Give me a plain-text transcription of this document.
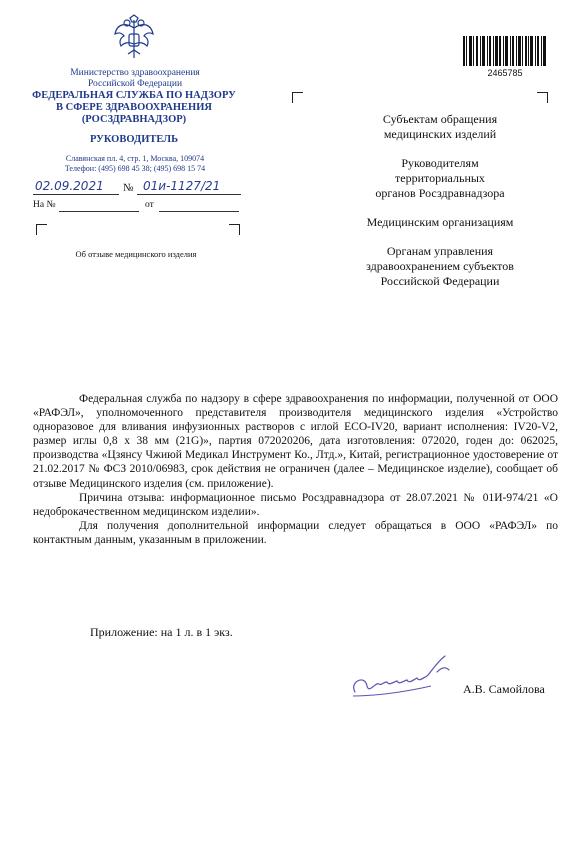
Министерство здравоохранения
Российской Федерации
ФЕДЕРАЛЬНАЯ СЛУЖБА ПО НАДЗОРУ
В СФЕРЕ ЗДРАВООХРАНЕНИЯ
(РОСЗДРАВНАДЗОР)
РУКОВОДИТЕЛЬ
Славянская пл. 4, стр. 1, Москва, 109074
Телефон: (495) 698 45 38; (495) 698 15 74
02.09.2021 № 01и-1127/21
На №	от
Об отзыве медицинского изделия
2465785
Субъектам обращения
медицинских изделий
Руководителям
территориальных
органов Росздравнадзора
Медицинским организациям
Органам управления
здравоохранением субъектов
Российской Федерации

Федеральная служба по надзору в сфере здравоохранения по информации, полученной от ООО «РАФЭЛ», уполномоченного представителя производителя медицинского изделия «Устройство одноразовое для вливания инфузионных растворов с иглой ECO-IV20, вариант исполнения: IV20-V2, размер иглы 0,8 x 38 мм (21G)», партия 072020206, дата изготовления: 072020, годен до: 062025, производства «Цзянсу Чжиюй Медикал Инструмент Ко., Лтд.», Китай, регистрационное удостоверение от 21.02.2017 № ФСЗ 2010/06983, срок действия не ограничен (далее – Медицинское изделие), сообщает об отзыве Медицинского изделия (см. приложение).

Причина отзыва: информационное письмо Росздравнадзора от 28.07.2021 № 01И-974/21 «О недоброкачественном медицинском изделии».

Для получения дополнительной информации следует обращаться в ООО «РАФЭЛ» по контактным данным, указанным в приложении.

Приложение: на 1 л. в 1 экз.
А.В. Самойлова
